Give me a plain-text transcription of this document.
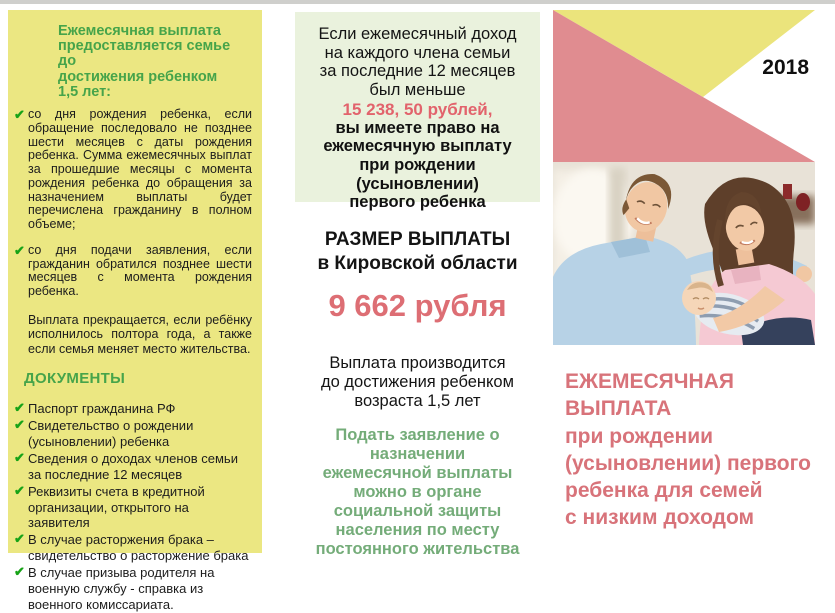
Ежемесячная выплата
предоставляется семье до
достижения ребенком
1,5 лет:
✔ со дня рождения ребенка, если обращение последовало не позднее шести месяцев с даты рождения ребенка. Сумма ежемесячных выплат за прошедшие месяцы с момента рождения ребенка до обращения за назначением выплаты будет перечислена гражданину в полном объеме;
✔ со дня подачи заявления, если гражданин обратился позднее шести месяцев с момента рождения ребенка.
Выплата прекращается, если ребёнку исполнилось полтора года, а также если семья меняет место жительства.
ДОКУМЕНТЫ
✔ Паспорт гражданина РФ
✔ Свидетельство о рождении (усыновлении) ребенка
✔ Сведения о доходах членов семьи за последние 12 месяцев
✔ Реквизиты счета в кредитной организации, открытого на заявителя
✔ В случае расторжения брака – свидетельство о расторжение брака
✔ В случае призыва родителя на военную службу - справка из военного комиссариата.
Если ежемесячный доход
на каждого члена семьи
за последние 12 месяцев
был меньше
15 238, 50 рублей,
вы имеете право на
ежемесячную выплату
при рождении (усыновлении)
первого ребенка
РАЗМЕР ВЫПЛАТЫ
в Кировской области
9 662 рубля
Выплата производится
до достижения ребенком
возраста 1,5 лет
Подать заявление о
назначении
ежемесячной выплаты
можно в органе
социальной защиты
населения по месту
постоянного жительства
2018
ЕЖЕМЕСЯЧНАЯ ВЫПЛАТА
при рождении
(усыновлении) первого
ребенка для семей
с низким доходом
